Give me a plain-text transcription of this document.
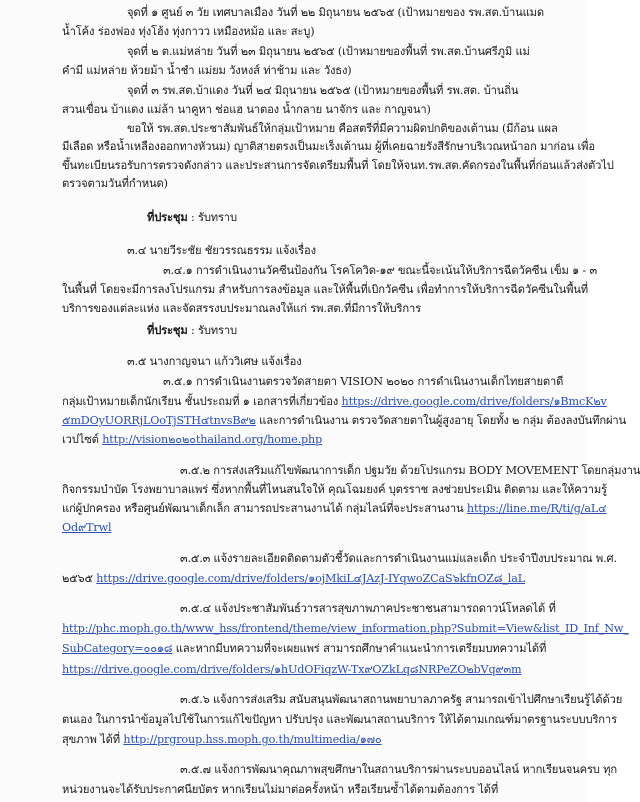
จุดที่ ๑ ศูนย์ ๓ วัย เทศบาลเมือง วันที่ ๒๒ มิถุนายน ๒๕๖๕ (เป้าหมายของ รพ.สต.บ้านแมด
น้ำโค้ง ร่องฟอง ทุ่งโฮ้ง ทุ่งกาวว เหมืองหม้อ และ สะบู)
จุดที่ ๒ ต.แม่หล่าย วันที่ ๒๓ มิถุนายน ๒๕๖๕ (เป้าหมายของพื้นที่ รพ.สต.บ้านศรีภูมิ แม่
คำมี แม่หล่าย ห้วยม้า น้ำชำ แม่ยม วังหงส์ ท่าช้าม และ วังธง)
จุดที่ ๓ รพ.สต.บ้าแดง วันที่ ๒๔ มิถุนายน ๒๕๖๕ (เป้าหมายของพื้นที่ รพ.สต. บ้านถิ่น
สวนเขื่อน บ้าแดง แม่ล้า นาคูหา ช่อแฮ นาตอง น้ำกลาย นาจักร และ กาญจนา)
ขอให้ รพ.สต.ประชาสัมพันธ์ให้กลุ่มเป้าหมาย คือสตรีที่มีความผิดปกติของเต้านม (มีก้อน แผล
มีเลือด หรือน้ำเหลืองออกทางหัวนม) ญาติสายตรงเป็นมะเร็งเต้านม ผู้ที่เคยฉายรังสีรักษาบริเวณหน้าอก มาก่อน เพื่อ
ขึ้นทะเบียนรอรับการตรวจดังกล่าว และประสานการจัดเตรียมพื้นที่ โดยให้จนท.รพ.สต.คัดกรองในพื้นที่ก่อนแล้วส่งตัวไป
ตรวจตามวันที่กำหนด)
ที่ประชุม : รับทราบ
๓.๔ นายวีระชัย ชัยวรรณธรรม แจ้งเรื่อง
๓.๔.๑ การดำเนินงานวัคซีนป้องกัน โรคโควิด-๑๙ ขณะนี้จะเน้นให้บริการฉีดวัคซีน เข็ม ๑ - ๓
ในพื้นที่ โดยจะมีการลงโปรแกรม สำหรับการลงข้อมูล และให้พื้นที่เบิกวัคซีน เพื่อทำการให้บริการฉีดวัคซีนในพื้นที่
บริการของแต่ละแห่ง และจัดสรรงบประมาณลงให้แก่ รพ.สต.ที่มีการให้บริการ
ที่ประชุม : รับทราบ
๓.๕ นางกาญจนา แก้ววิเศษ แจ้งเรื่อง
๓.๕.๑ การดำเนินงานตรวจวัดสายตา VISION ๒๐๒๐ การดำเนินงานเด็กไทยสายตาดี
กลุ่มเป้าหมายเด็กนักเรียน ชั้นประถมที่ ๑ เอกสารที่เกี่ยวข้อง https://drive.google.com/drive/folders/๑BmcK๒v
๕mDOyUORRjLOoTjSTH๔tnvsB๙๒ และการดำเนินงาน ตรวจวัดสายตาในผู้สูงอายุ โดยทั้ง ๒ กลุ่ม ต้องลงบันทึกผ่าน
เวปไซต์ http://vision๒๐๒๐thailand.org/home.php
๓.๕.๒ การส่งเสริมแก้ไขพัฒนาการเด็ก ปฐมวัย ด้วยโปรแกรม BODY MOVEMENT โดยกลุ่มงาน
กิจกรรมบำบัด โรงพยาบาลแพร่ ซึ่งหากพื้นที่ไหนสนใจให้ คุณโฉมยงค์ บุตรราช ลงช่วยประเมิน ติดตาม และให้ความรู้
แก่ผู้ปกครอง หรือศูนย์พัฒนาเด็กเล็ก สามารถประสานงานได้ กลุ่มไลน์ที่จะประสานงาน https://line.me/R/ti/g/aL๔
Od๙Trwl
๓.๕.๓ แจ้งรายละเอียดติดตามตัวชี้วัดและการดำเนินงานแม่และเด็ก ประจำปีงบประมาณ พ.ศ.
๒๕๖๕ https://drive.google.com/drive/folders/๑ojMkiL๔JAzJ-IYqwoZCaS๖kfnOZ๘_laL
๓.๕.๔ แจ้งประชาสัมพันธ์วารสารสุขภาพภาคประชาชนสามารถดาวน์โหลดได้ ที่
http://phc.moph.go.th/www_hss/frontend/theme/view_information.php?Submit=View&list_ID_Inf_Nw_
SubCategory=๐๐๑๘ และหากมีบทความที่จะเผยแพร่ สามารถศึกษาคำแนะนำการเตรียมบทความได้ที่
https://drive.google.com/drive/folders/๑hUdOFiqzW-Tx๙OZkLq๘NRPeZO๒bVq๙๓m
๓.๕.๖ แจ้งการส่งเสริม สนับสนุนพัฒนาสถานพยาบาลภาครัฐ สามารถเข้าไปศึกษาเรียนรู้ได้ด้วย
ตนเอง ในการนำข้อมูลไปใช้ในการแก้ไขปัญหา ปรับปรุง และพัฒนาสถานบริการ ให้ได้ตามเกณฑ์มาตรฐานระบบบริการ
สุขภาพ ได้ที่ http://prgroup.hss.moph.go.th/multimedia/๑๗๐
๓.๕.๗ แจ้งการพัฒนาคุณภาพสุขศึกษาในสถานบริการผ่านระบบออนไลน์ หากเรียนจนครบ ทุก
หน่วยงานจะได้รับประกาศนียบัตร หากเรียนไม่มาต่อครั้งหน้า หรือเรียนซ้ำได้ตามต้องการ ได้ที่
